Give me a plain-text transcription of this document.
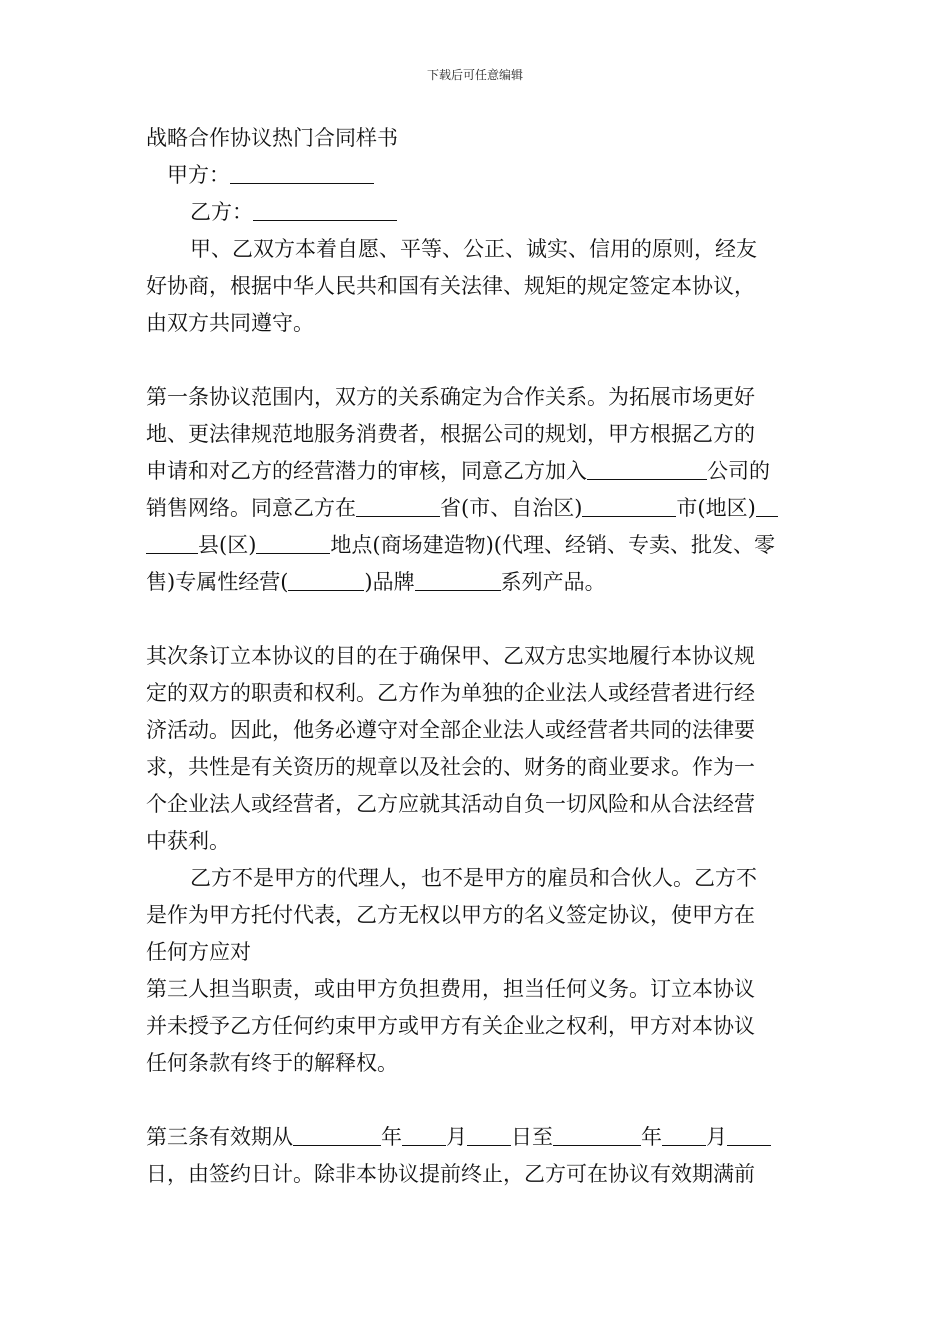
下载后可任意编辑
战略合作协议热门合同样书
甲方：
乙方：
甲、乙双方本着自愿、平等、公正、诚实、信用的原则，经友
好协商，根据中华人民共和国有关法律、规矩的规定签定本协议，
由双方共同遵守。
第一条协议范围内，双方的关系确定为合作关系。为拓展市场更好
地、更法律规范地服务消费者，根据公司的规划，甲方根据乙方的
申请和对乙方的经营潜力的审核，同意乙方加入	公司的
销售网络。同意乙方在	省(市、自治区)	市(地区)
县(区)	地点(商场建造物)(代理、经销、专卖、批发、零
售)专属性经营(	)品牌	系列产品。
其次条订立本协议的目的在于确保甲、乙双方忠实地履行本协议规
定的双方的职责和权利。乙方作为单独的企业法人或经营者进行经
济活动。因此，他务必遵守对全部企业法人或经营者共同的法律要
求，共性是有关资历的规章以及社会的、财务的商业要求。作为一
个企业法人或经营者，乙方应就其活动自负一切风险和从合法经营
中获利。
乙方不是甲方的代理人，也不是甲方的雇员和合伙人。乙方不
是作为甲方托付代表，乙方无权以甲方的名义签定协议，使甲方在
任何方应对
第三人担当职责，或由甲方负担费用，担当任何义务。订立本协议
并未授予乙方任何约束甲方或甲方有关企业之权利，甲方对本协议
任何条款有终于的解释权。
第三条有效期从	年 月 日至	年 月
日，由签约日计。除非本协议提前终止，乙方可在协议有效期满前
